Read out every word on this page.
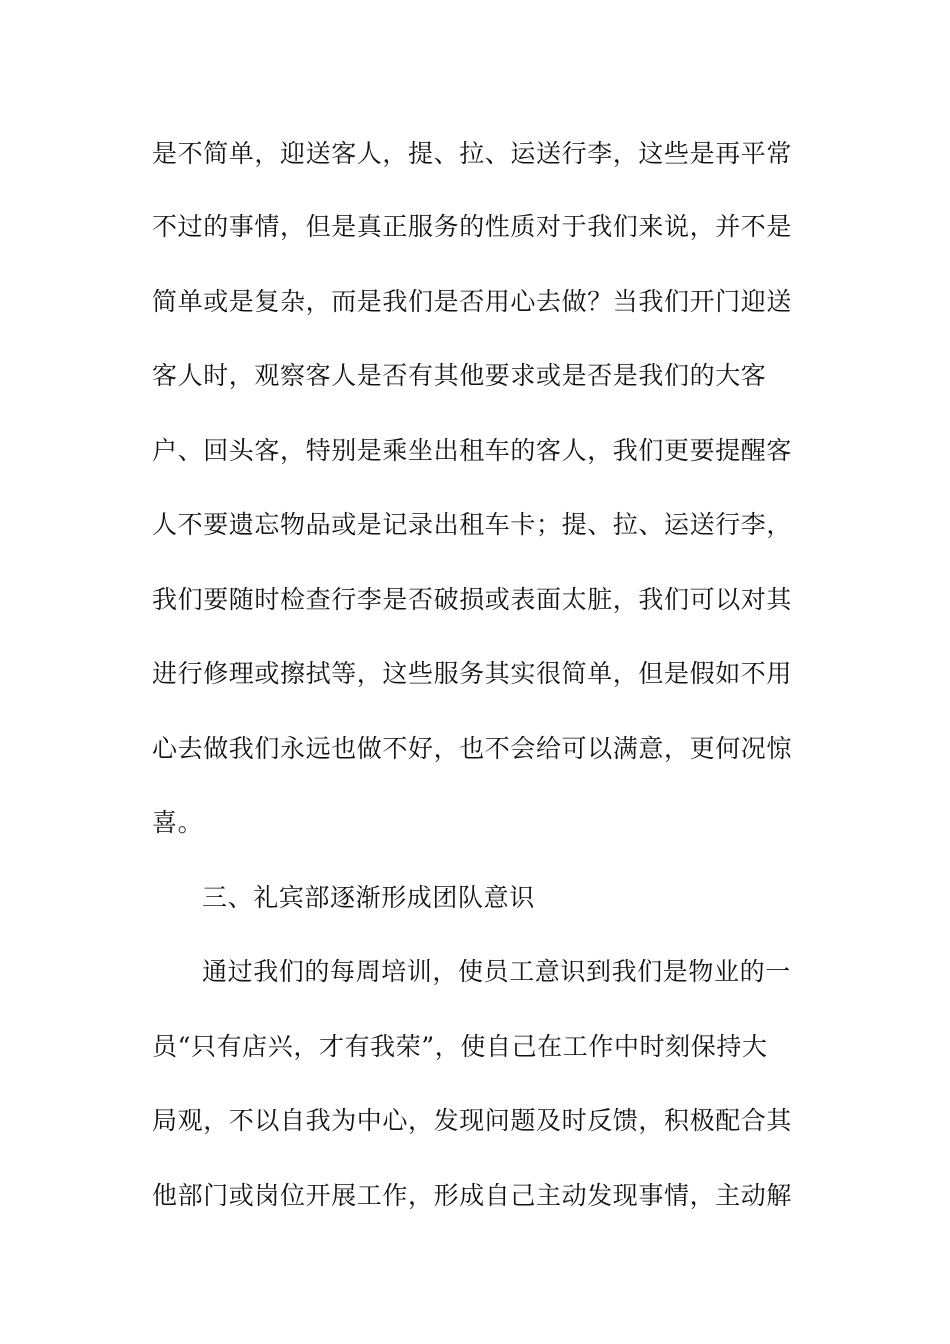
是不简单，迎送客人，提、拉、运送行李，这些是再平常
不过的事情，但是真正服务的性质对于我们来说，并不是
简单或是复杂，而是我们是否用心去做？当我们开门迎送
客人时，观察客人是否有其他要求或是否是我们的大客
户、回头客，特别是乘坐出租车的客人，我们更要提醒客
人不要遗忘物品或是记录出租车卡；提、拉、运送行李，
我们要随时检查行李是否破损或表面太脏，我们可以对其
进行修理或擦拭等，这些服务其实很简单，但是假如不用
心去做我们永远也做不好，也不会给可以满意，更何况惊
喜。
三、礼宾部逐渐形成团队意识
通过我们的每周培训，使员工意识到我们是物业的一
员“只有店兴，才有我荣”，使自己在工作中时刻保持大
局观，不以自我为中心，发现问题及时反馈，积极配合其
他部门或岗位开展工作，形成自己主动发现事情，主动解
